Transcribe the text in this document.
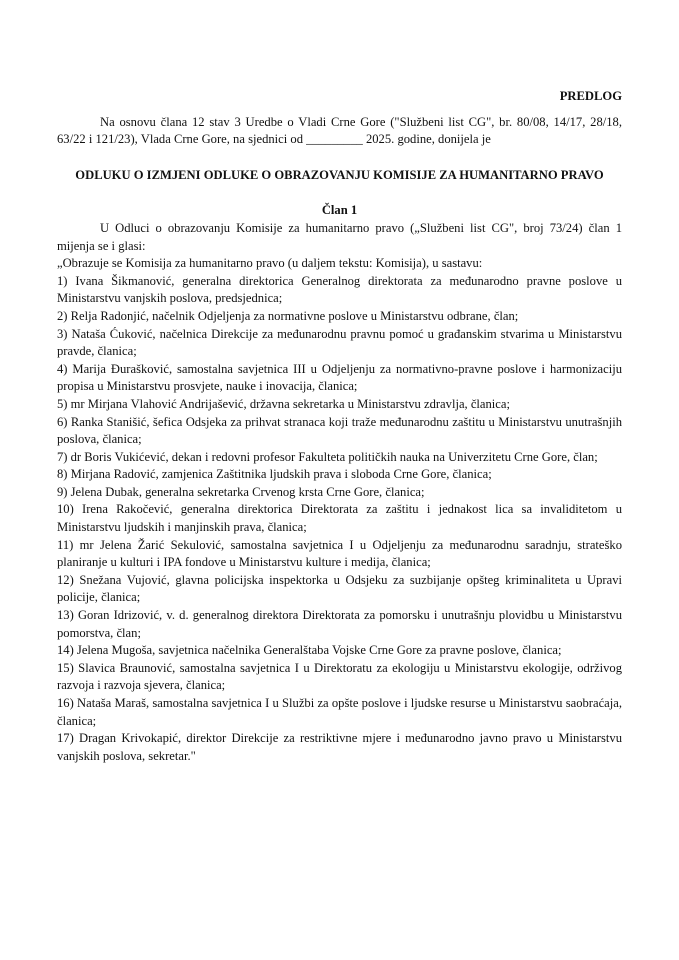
PREDLOG

Na osnovu člana 12 stav 3 Uredbe o Vladi Crne Gore ("Službeni list CG", br. 80/08, 14/17, 28/18, 63/22 i 121/23), Vlada Crne Gore, na sjednici od _________ 2025. godine, donijela je

ODLUKU O IZMJENI ODLUKE O OBRAZOVANJU KOMISIJE ZA HUMANITARNO PRAVO

Član 1

U Odluci o obrazovanju Komisije za humanitarno pravo („Službeni list CG", broj 73/24) član 1 mijenja se i glasi:

„Obrazuje se Komisija za humanitarno pravo (u daljem tekstu: Komisija), u sastavu:

1) Ivana Šikmanović, generalna direktorica Generalnog direktorata za međunarodno pravne poslove u Ministarstvu vanjskih poslova, predsjednica;
2) Relja Radonjić, načelnik Odjeljenja za normativne poslove u Ministarstvu odbrane, član;
3) Nataša Ćuković, načelnica Direkcije za međunarodnu pravnu pomoć u građanskim stvarima u Ministarstvu pravde, članica;
4) Marija Đurašković, samostalna savjetnica III u Odjeljenju za normativno-pravne poslove i harmonizaciju propisa u Ministarstvu prosvjete, nauke i inovacija, članica;
5) mr Mirjana Vlahović Andrijašević, državna sekretarka u Ministarstvu zdravlja, članica;
6) Ranka Stanišić, šefica Odsjeka za prihvat stranaca koji traže međunarodnu zaštitu u Ministarstvu unutrašnjih poslova, članica;
7) dr Boris Vukićević, dekan i redovni profesor Fakulteta političkih nauka na Univerzitetu Crne Gore, član;
8) Mirjana Radović, zamjenica Zaštitnika ljudskih prava i sloboda Crne Gore, članica;
9) Jelena Dubak, generalna sekretarka Crvenog krsta Crne Gore, članica;
10) Irena Rakočević, generalna direktorica Direktorata za zaštitu i jednakost lica sa invaliditetom u Ministarstvu ljudskih i manjinskih prava, članica;
11) mr Jelena Žarić Sekulović, samostalna savjetnica I u Odjeljenju za međunarodnu saradnju, strateško planiranje u kulturi i IPA fondove u Ministarstvu kulture i medija, članica;
12) Snežana Vujović, glavna policijska inspektorka u Odsjeku za suzbijanje opšteg kriminaliteta u Upravi policije, članica;
13) Goran Idrizović, v. d. generalnog direktora Direktorata za pomorsku i unutrašnju plovidbu u Ministarstvu pomorstva, član;
14) Jelena Mugoša, savjetnica načelnika Generalštaba Vojske Crne Gore za pravne poslove, članica;
15) Slavica Braunović, samostalna savjetnica I u Direktoratu za ekologiju u Ministarstvu ekologije, održivog razvoja i razvoja sjevera, članica;
16) Nataša Maraš, samostalna savjetnica I u Službi za opšte poslove i ljudske resurse u Ministarstvu saobraćaja, članica;
17) Dragan Krivokapić, direktor Direkcije za restriktivne mjere i međunarodno javno pravo u Ministarstvu vanjskih poslova, sekretar."
